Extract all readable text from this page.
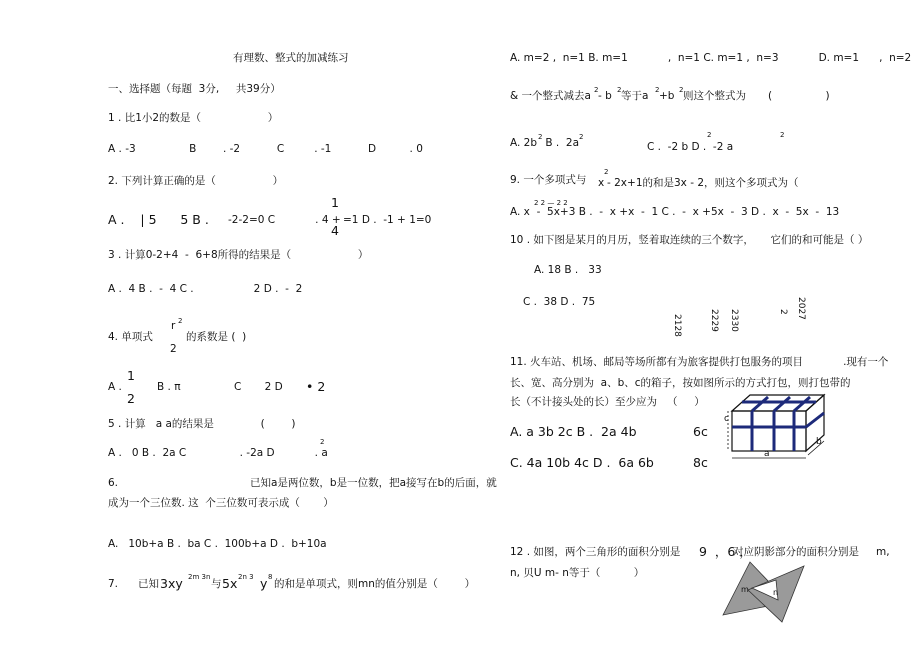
有理数、整式的加减练习
一、选择题（每题  3分,     共39分）
1 . 比1小2的数是（                    ）
A . -3                B        . -2           C         . -1           D          . 0
2. 下列计算正确的是（                 ）
A .    | 5      5 B . -2-2=0 C            . 4 +
1
4
=1 D .  -1 + 1=0
3 . 计算0-2+4  -  6+8所得的结果是（                    ）
A .  4 B .  -  4 C .                  2 D .  -  2
4. 单项式
r 2
2
的系数是 (  )
A .
1
2
B . π                C       2 D • 2
5 . 计算   a a的结果是              (        )
A .   0 B .  2a C                . -2a D            . a
2
6.	已知a是两位数，b是一位数，把a接写在b的后面，就
成为一个三位数. 这  个三位数可表示成（       ）
A.   10b+a B .  ba C .  100b+a D .  b+10a
7. 已知 3xy 2m 3n
与 5x 2n 3 y 8
的和是单项式，则mn的值分别是（        ）
A. m=2 ,  n=1 B. m=1            ,  n=1 C. m=1 ,  n=3            D. m=1      ,  n=2
& 一个整式减去a 2 - b 2 等于a 2 +b 2 则这个整式为 (                )
A. 2b 2 B .  2a 2
C .  -2 b D .  -2 a
2	2
9. 一个多项式与 x
2
- 2x+1的和是3x - 2，则这个多项式为（
2 2 — 2 2
A. x  -  5x+3 B .  -  x +x  -  1 C .  -  x +5x  -  3 D .  x  -  5x  -  13
10 . 如下图是某月的月历，竖着取连续的三个数字，     它们的和可能是（ ）
A. 18 B .   33
C .  38 D .  75
2128	2229 2330
2027
2
11. 火车站、机场、邮局等场所都有为旅客提供打包服务的项目            .现有一个
长、宽、高分别为  a、b、c的箱子，按如图所示的方式打包，则打包带的
长（不计接头处的长）至少应为   （     ）
A. a 3b 2c B .  2a 4b	6c
C. 4a 10b 4c D .  6a 6b	8c
c
a
b
12 . 如图，两个三角形的面积分别是 9  ，6 ，
对应阴影部分的面积分别是 m,
n, 贝U m- n等于（          ）
m	n
